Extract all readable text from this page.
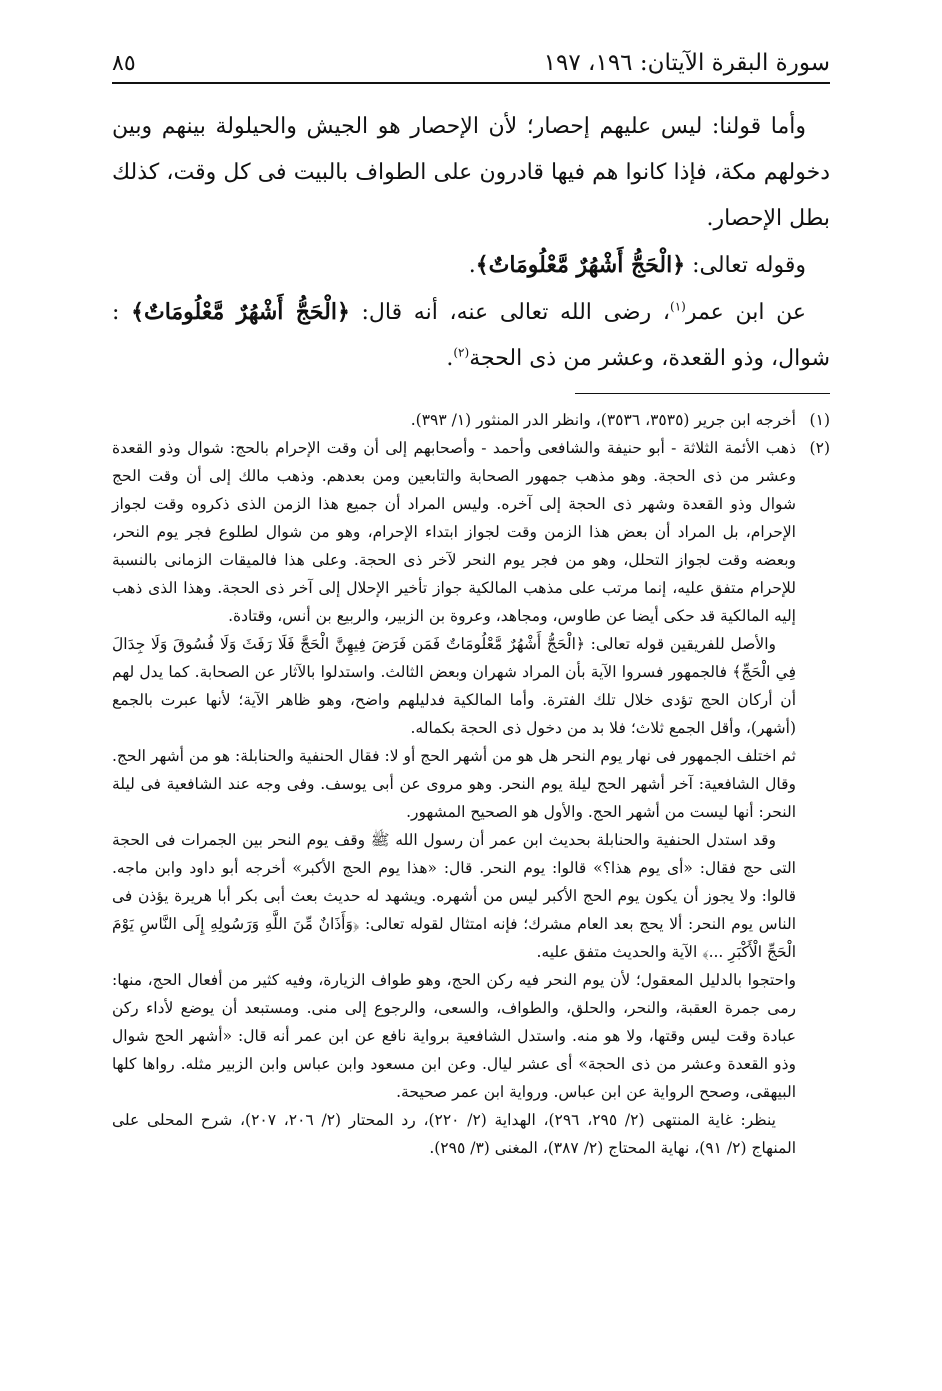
سورة البقرة الآيتان: ١٩٦، ١٩٧
٨٥

وأما قولنا: ليس عليهم إحصار؛ لأن الإحصار هو الجيش والحيلولة بينهم وبين دخولهم مكة، فإذا كانوا هم فيها قادرون على الطواف بالبيت فى كل وقت، كذلك بطل الإحصار.

وقوله تعالى: ﴿الْحَجُّ أَشْهُرٌ مَّعْلُومَاتٌ﴾.

عن ابن عمر$^{(١)}$، رضى الله تعالى عنه، أنه قال: ﴿الْحَجُّ أَشْهُرٌ مَّعْلُومَاتٌ﴾ : شوال، وذو القعدة، وعشر من ذى الحجة$^{(٢)}$.

(١)

أخرجه ابن جرير (٣٥٣٥، ٣٥٣٦)، وانظر الدر المنثور (١/ ٣٩٣).

(٢)

ذهب الأئمة الثلاثة - أبو حنيفة والشافعى وأحمد - وأصحابهم إلى أن وقت الإحرام بالحج: شوال وذو القعدة وعشر من ذى الحجة. وهو مذهب جمهور الصحابة والتابعين ومن بعدهم. وذهب مالك إلى أن وقت الحج شوال وذو القعدة وشهر ذى الحجة إلى آخره. وليس المراد أن جميع هذا الزمن الذى ذكروه وقت لجواز الإحرام، بل المراد أن بعض هذا الزمن وقت لجواز ابتداء الإحرام، وهو من شوال لطلوع فجر يوم النحر، وبعضه وقت لجواز التحلل، وهو من فجر يوم النحر لآخر ذى الحجة. وعلى هذا فالميقات الزمانى بالنسبة للإحرام متفق عليه، إنما مرتب على مذهب المالكية جواز تأخير الإحلال إلى آخر ذى الحجة. وهذا الذى ذهب إليه المالكية قد حكى أيضا عن طاوس، ومجاهد، وعروة بن الزبير، والربيع بن أنس، وقتادة.

والأصل للفريقين قوله تعالى: ﴿الْحَجُّ أَشْهُرٌ مَّعْلُومَاتٌ فَمَن فَرَضَ فِيهِنَّ الْحَجَّ فَلَا رَفَثَ وَلَا فُسُوقَ وَلَا جِدَالَ فِي الْحَجِّ﴾ فالجمهور فسروا الآية بأن المراد شهران وبعض الثالث. واستدلوا بالآثار عن الصحابة. كما يدل لهم أن أركان الحج تؤدى خلال تلك الفترة. وأما المالكية فدليلهم واضح، وهو ظاهر الآية؛ لأنها عبرت بالجمع (أشهر)، وأقل الجمع ثلاث؛ فلا بد من دخول ذى الحجة بكماله.

ثم اختلف الجمهور فى نهار يوم النحر هل هو من أشهر الحج أو لا: فقال الحنفية والحنابلة: هو من أشهر الحج. وقال الشافعية: آخر أشهر الحج ليلة يوم النحر. وهو مروى عن أبى يوسف. وفى وجه عند الشافعية فى ليلة النحر: أنها ليست من أشهر الحج. والأول هو الصحيح المشهور.

وقد استدل الحنفية والحنابلة بحديث ابن عمر أن رسول الله ﷺ وقف يوم النحر بين الجمرات فى الحجة التى حج فقال: «أى يوم هذا؟» قالوا: يوم النحر. قال: «هذا يوم الحج الأكبر» أخرجه أبو داود وابن ماجه. قالوا: ولا يجوز أن يكون يوم الحج الأكبر ليس من أشهره. ويشهد له حديث بعث أبى بكر أبا هريرة يؤذن فى الناس يوم النحر: ألا يحج بعد العام مشرك؛ فإنه امتثال لقوله تعالى: ﴿وَأَذَانٌ مِّنَ اللَّهِ وَرَسُولِهِ إِلَى النَّاسِ يَوْمَ الْحَجِّ الْأَكْبَرِ ...﴾ الآية والحديث متفق عليه.

واحتجوا بالدليل المعقول؛ لأن يوم النحر فيه ركن الحج، وهو طواف الزيارة، وفيه كثير من أفعال الحج، منها: رمى جمرة العقبة، والنحر، والحلق، والطواف، والسعى، والرجوع إلى منى. ومستبعد أن يوضع لأداء ركن عبادة وقت ليس وقتها، ولا هو منه. واستدل الشافعية برواية نافع عن ابن عمر أنه قال: «أشهر الحج شوال وذو القعدة وعشر من ذى الحجة» أى عشر ليال. وعن ابن مسعود وابن عباس وابن الزبير مثله. رواها كلها البيهقى، وصحح الرواية عن ابن عباس. ورواية ابن عمر صحيحة.

ينظر: غاية المنتهى (٢/ ٢٩٥، ٢٩٦)، الهداية (٢/ ٢٢٠)، رد المحتار (٢/ ٢٠٦، ٢٠٧)، شرح المحلى على المنهاج (٢/ ٩١)، نهاية المحتاج (٢/ ٣٨٧)، المغنى (٣/ ٢٩٥).
